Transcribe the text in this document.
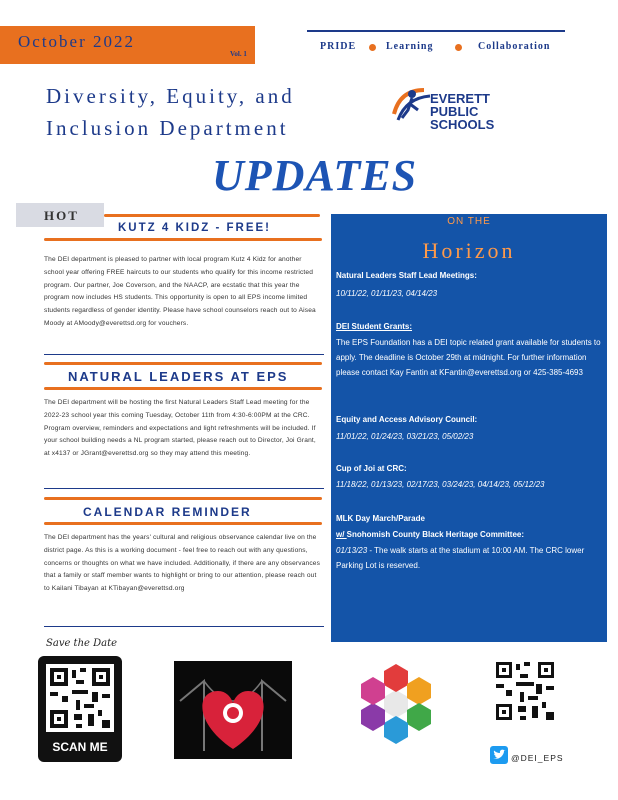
October 2022
Vol. 1
PRIDE	Learning	Collaboration
Diversity, Equity, and
Inclusion Department
EVERETT
PUBLIC
SCHOOLS
UPDATES
HOT
KUTZ 4 KIDZ - FREE!
The DEI department is pleased to partner with local program Kutz 4 Kidz for another school year offering FREE haircuts to our students who qualify for this income restricted program. Our partner, Joe Coverson, and the NAACP, are ecstatic that this year the program now includes HS students. This opportunity is open to all EPS income limited students regardless of gender identity. Please have school counselors reach out to Aisea Moody at AMoody@everettsd.org for vouchers.
NATURAL LEADERS AT EPS
The DEI department will be hosting the first Natural Leaders Staff Lead meeting for the 2022-23 school year this coming Tuesday, October 11th from 4:30-6:00PM at the CRC. Program overview, reminders and expectations and light refreshments will be included. If your school building needs a NL program started, please reach out to Director, Joi Grant, at x4137 or JGrant@everettsd.org so they may attend this meeting.
CALENDAR REMINDER
The DEI department has the years' cultural and religious observance calendar live on the district page. As this is a working document - feel free to reach out with any questions, concerns or thoughts on what we have included. Additionally, if there are any observances that a family or staff member wants to highlight or bring to our attention, please reach out to Kailani Tibayan at KTibayan@everettsd.org
ON THE
Horizon
Natural Leaders Staff Lead Meetings:
10/11/22, 01/11/23, 04/14/23
DEI Student Grants:
The EPS Foundation has a DEI topic related grant available for students to apply. The deadline is October 29th at midnight. For further information please contact Kay Fantin at KFantin@everettsd.org or 425-385-4693
Equity and Access Advisory Council:
11/01/22, 01/24/23, 03/21/23, 05/02/23
Cup of Joi at CRC:
11/18/22, 01/13/23, 02/17/23, 03/24/23, 04/14/23, 05/12/23
MLK Day March/Parade
w/ Snohomish County Black Heritage Committee:
01/13/23 - The walk starts at the stadium at 10:00 AM. The CRC lower Parking Lot is reserved.
Save the Date
SCAN ME
@DEI_EPS
